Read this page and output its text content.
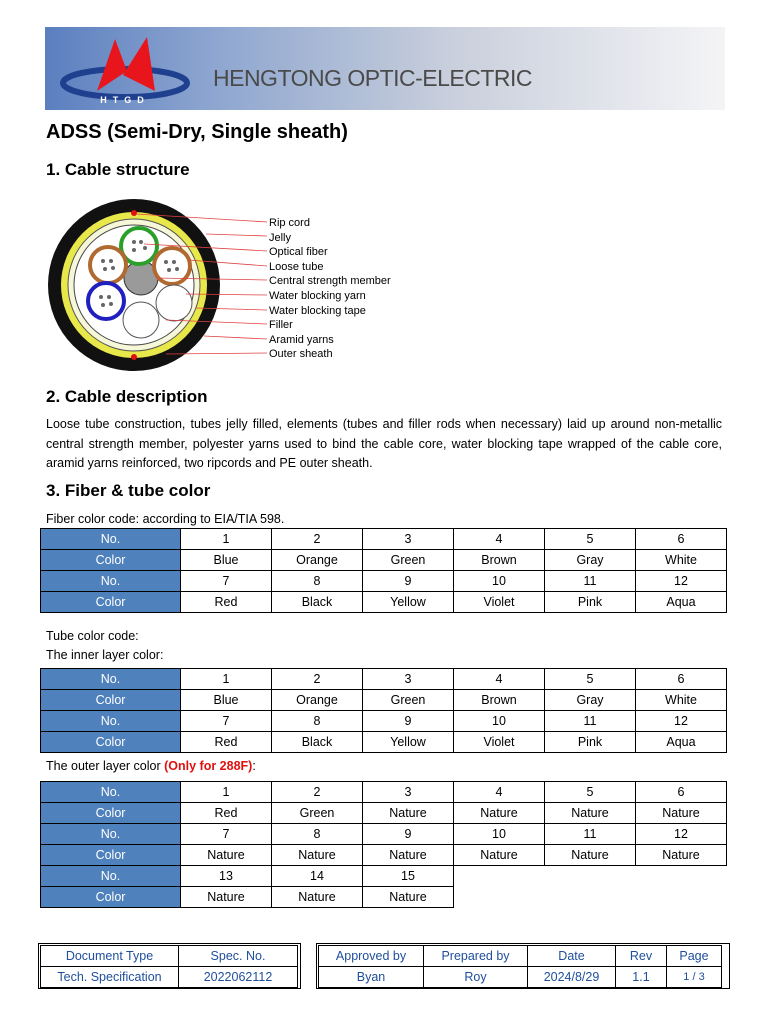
HTGD
HENGTONG OPTIC-ELECTRIC
ADSS (Semi-Dry, Single sheath)
1. Cable structure
Rip cord
Jelly
Optical fiber
Loose tube
Central strength member
Water blocking yarn
Water blocking tape
Filler
Aramid yarns
Outer sheath
2. Cable description
Loose tube construction, tubes jelly filled, elements (tubes and filler rods when necessary) laid up around non-metallic central strength member, polyester yarns used to bind the cable core, water blocking tape wrapped of the cable core, aramid yarns reinforced, two ripcords and PE outer sheath.
3. Fiber & tube color
Fiber color code: according to EIA/TIA 598.
No.	1	2	3	4	5	6
Color	Blue	Orange	Green	Brown	Gray	White
No.	7	8	9	10	11	12
Color	Red	Black	Yellow	Violet	Pink	Aqua
Tube color code:
The inner layer color:
No.	1	2	3	4	5	6
Color	Blue	Orange	Green	Brown	Gray	White
No.	7	8	9	10	11	12
Color	Red	Black	Yellow	Violet	Pink	Aqua
The outer layer color (Only for 288F):
No.	1	2	3	4	5	6
Color	Red	Green	Nature	Nature	Nature	Nature
No.	7	8	9	10	11	12
Color	Nature	Nature	Nature	Nature	Nature	Nature
No.	13	14	15			
Color	Nature	Nature	Nature			
Document Type	Spec. No.
Tech. Specification	2022062112
Approved by	Prepared by	Date	Rev	Page
Byan	Roy	2024/8/29	1.1	1 / 3
